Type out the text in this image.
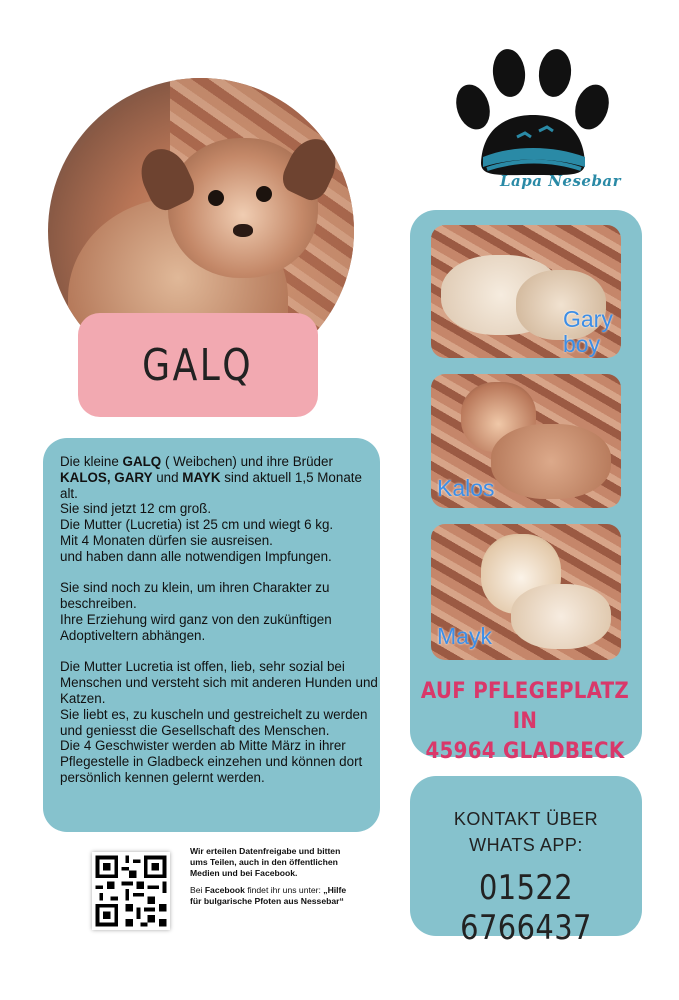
GALQ

Die kleine GALQ ( Weibchen) und ihre Brüder KALOS, GARY und MAYK sind aktuell 1,5 Monate alt.
Sie sind jetzt 12 cm groß.
Die Mutter (Lucretia) ist 25 cm und wiegt 6 kg.
Mit 4 Monaten dürfen sie ausreisen.
und haben dann alle notwendigen Impfungen.

Sie sind noch zu klein, um ihren Charakter zu beschreiben.
Ihre Erziehung wird ganz von den zukünftigen Adoptiveltern abhängen.

Die Mutter Lucretia ist offen, lieb, sehr sozial bei Menschen und versteht sich mit anderen Hunden und Katzen.
Sie liebt es, zu kuscheln und gestreichelt zu werden und geniesst die Gesellschaft des Menschen.
Die 4 Geschwister werden ab Mitte März in ihrer Pflegestelle in Gladbeck einzehen und können dort persönlich kennen gelernt werden.

Lapa Nesebar
Gary boy
Kalos
Mayk
AUF PFLEGEPLATZ IN
45964 GLADBECK
KONTAKT ÜBER
WHATS APP:
01522 6766437

Wir erteilen Datenfreigabe und bitten ums Teilen, auch in den öffentlichen Medien und bei Facebook.

Bei Facebook findet ihr uns unter: „Hilfe für bulgarische Pfoten aus Nessebar“
